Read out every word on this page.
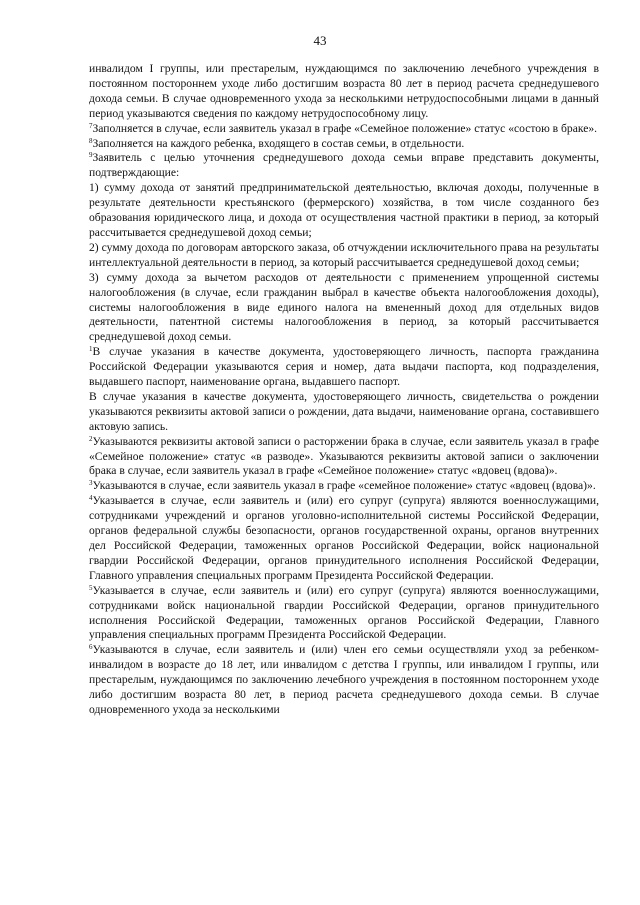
43

инвалидом I группы, или престарелым, нуждающимся по заключению лечебного учреждения в постоянном постороннем уходе либо достигшим возраста 80 лет в период расчета среднедушевого дохода семьи. В случае одновременного ухода за несколькими нетрудоспособными лицами в данный период указываются сведения по каждому нетрудоспособному лицу.

$^7$Заполняется в случае, если заявитель указал в графе «Семейное положение» статус «состою в браке».

$^8$Заполняется на каждого ребенка, входящего в состав семьи, в отдельности.

$^9$Заявитель с целью уточнения среднедушевого дохода семьи вправе представить документы, подтверждающие:

1) сумму дохода от занятий предпринимательской деятельностью, включая доходы, полученные в результате деятельности крестьянского (фермерского) хозяйства, в том числе созданного без образования юридического лица, и дохода от осуществления частной практики в период, за который рассчитывается среднедушевой доход семьи;

2) сумму дохода по договорам авторского заказа, об отчуждении исключительного права на результаты интеллектуальной деятельности в период, за который рассчитывается среднедушевой доход семьи;

3) сумму дохода за вычетом расходов от деятельности с применением упрощенной системы налогообложения (в случае, если гражданин выбрал в качестве объекта налогообложения доходы), системы налогообложения в виде единого налога на вмененный доход для отдельных видов деятельности, патентной системы налогообложения в период, за который рассчитывается среднедушевой доход семьи.

$^1$В случае указания в качестве документа, удостоверяющего личность, паспорта гражданина Российской Федерации указываются серия и номер, дата выдачи паспорта, код подразделения, выдавшего паспорт, наименование органа, выдавшего паспорт.

В случае указания в качестве документа, удостоверяющего личность, свидетельства о рождении указываются реквизиты актовой записи о рождении, дата выдачи, наименование органа, составившего актовую запись.

$^2$Указываются реквизиты актовой записи о расторжении брака в случае, если заявитель указал в графе «Семейное положение» статус «в разводе». Указываются реквизиты актовой записи о заключении брака в случае, если заявитель указал в графе «Семейное положение» статус «вдовец (вдова)».

$^3$Указываются в случае, если заявитель указал в графе «семейное положение» статус «вдовец (вдова)».

$^4$Указывается в случае, если заявитель и (или) его супруг (супруга) являются военнослужащими, сотрудниками учреждений и органов уголовно-исполнительной системы Российской Федерации, органов федеральной службы безопасности, органов государственной охраны, органов внутренних дел Российской Федерации, таможенных органов Российской Федерации, войск национальной гвардии Российской Федерации, органов принудительного исполнения Российской Федерации, Главного управления специальных программ Президента Российской Федерации.

$^5$Указывается в случае, если заявитель и (или) его супруг (супруга) являются военнослужащими, сотрудниками войск национальной гвардии Российской Федерации, органов принудительного исполнения Российской Федерации, таможенных органов Российской Федерации, Главного управления специальных программ Президента Российской Федерации.

$^6$Указываются в случае, если заявитель и (или) член его семьи осуществляли уход за ребенком-инвалидом в возрасте до 18 лет, или инвалидом с детства I группы, или инвалидом I группы, или престарелым, нуждающимся по заключению лечебного учреждения в постоянном постороннем уходе либо достигшим возраста 80 лет, в период расчета среднедушевого дохода семьи. В случае одновременного ухода за несколькими
